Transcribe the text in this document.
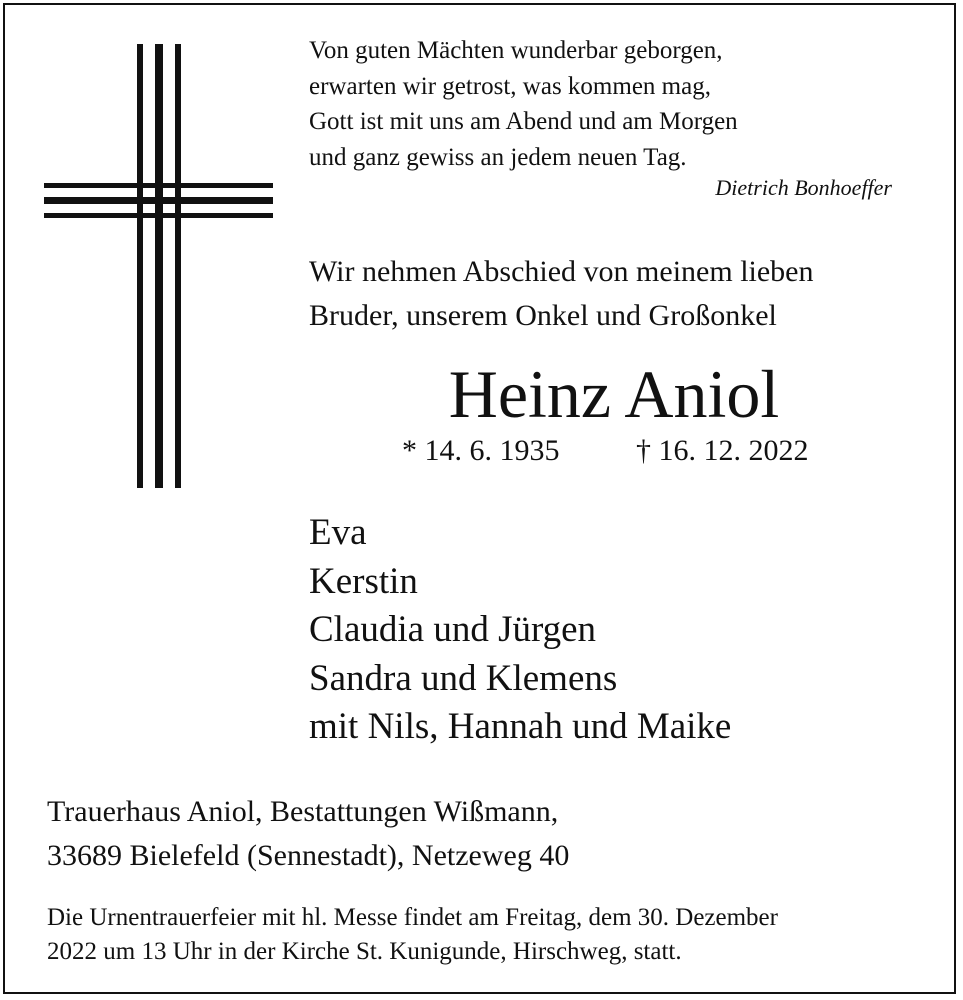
Von guten Mächten wunderbar geborgen,
erwarten wir getrost, was kommen mag,
Gott ist mit uns am Abend und am Morgen
und ganz gewiss an jedem neuen Tag.
Dietrich Bonhoeffer
Wir nehmen Abschied von meinem lieben
Bruder, unserem Onkel und Großonkel
Heinz Aniol
* 14. 6. 1935	† 16. 12. 2022
Eva
Kerstin
Claudia und Jürgen
Sandra und Klemens
mit Nils, Hannah und Maike
Trauerhaus Aniol, Bestattungen Wißmann,
33689 Bielefeld (Sennestadt), Netzeweg 40
Die Urnentrauerfeier mit hl. Messe findet am Freitag, dem 30. Dezember
2022 um 13 Uhr in der Kirche St. Kunigunde, Hirschweg, statt.
